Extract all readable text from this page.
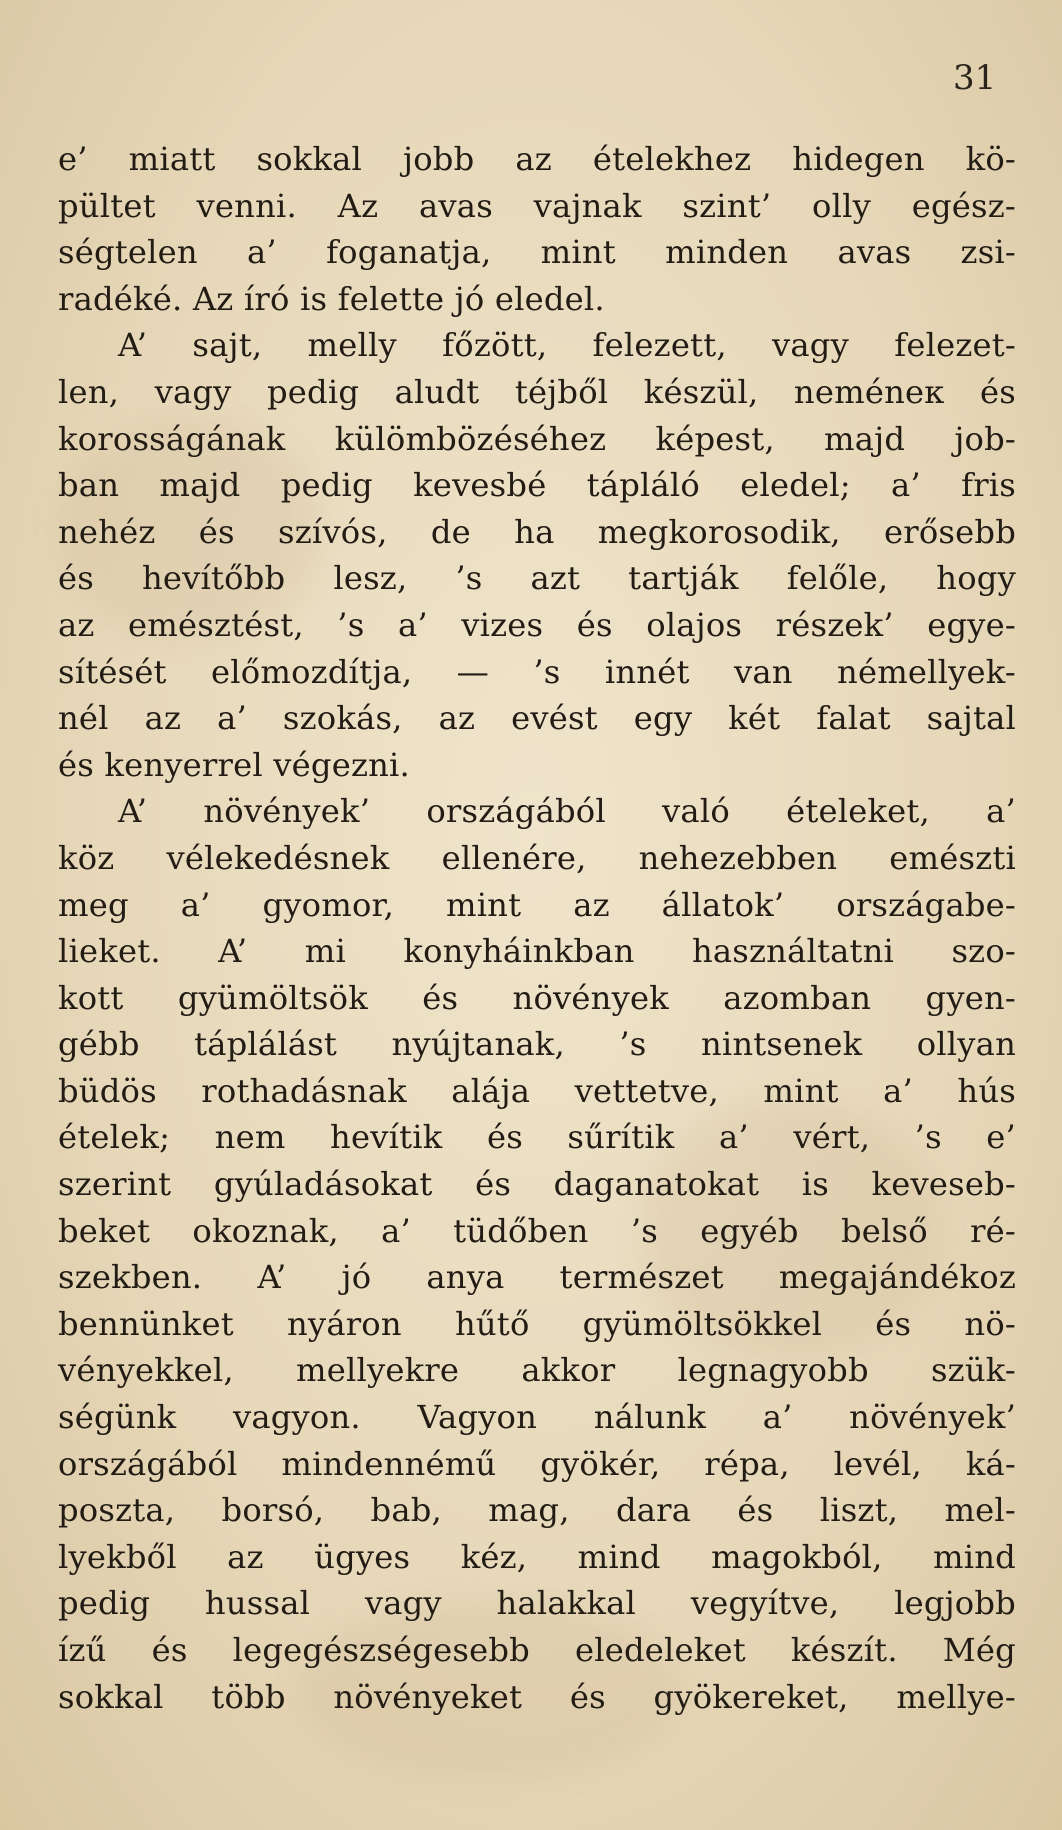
31
e’ miatt sokkal jobb az ételekhez hidegen kö-
pültet venni. Az avas vajnak szint’ olly egész-
ségtelen a’ foganatja, mint minden avas zsi-
radéké. Az író is felette jó eledel.
A’ sajt, melly főzött, felezett, vagy felezet-
len, vagy pedig aludt téjből készül, neméneк és
korosságának külömbözéséhez képest, majd job-
ban majd pedig kevesbé tápláló eledel; a’ fris
nehéz és szívós, de ha megkorosodik, erősebb
és hevítőbb lesz, ’s azt tartják felőle, hogy
az emésztést, ’s a’ vizes és olajos részek’ egye-
sítését előmozdítja, — ’s innét van némellyek-
nél az a’ szokás, az evést egy két falat sajtal
és kenyerrel végezni.
A’ növények’ országából való ételeket, a’
köz vélekedésnek ellenére, nehezebben emészti
meg a’ gyomor, mint az állatok’ országabe-
lieket. A’ mi konyháinkban használtatni szo-
kott gyümöltsök és növények azomban gyen-
gébb táplálást nyújtanak, ’s nintsenek ollyan
büdös rothadásnak alája vettetve, mint a’ hús
ételek; nem hevítik és sűrítik a’ vért, ’s e’
szerint gyúladásokat és daganatokat is keveseb-
beket okoznak, a’ tüdőben ’s egyéb belső ré-
szekben. A’ jó anya természet megajándékoz
bennünket nyáron hűtő gyümöltsökkel és nö-
vényekkel, mellyekre akkor legnagyobb szük-
ségünk vagyon. Vagyon nálunk a’ növények’
országából mindennémű gyökér, répa, levél, ká-
poszta, borsó, bab, mag, dara és liszt, mel-
lyekből az ügyes kéz, mind magokból, mind
pedig hussal vagy halakkal vegyítve, legjobb
ízű és legegészségesebb eledeleket készít. Még
sokkal több növényeket és gyökereket, mellye-
